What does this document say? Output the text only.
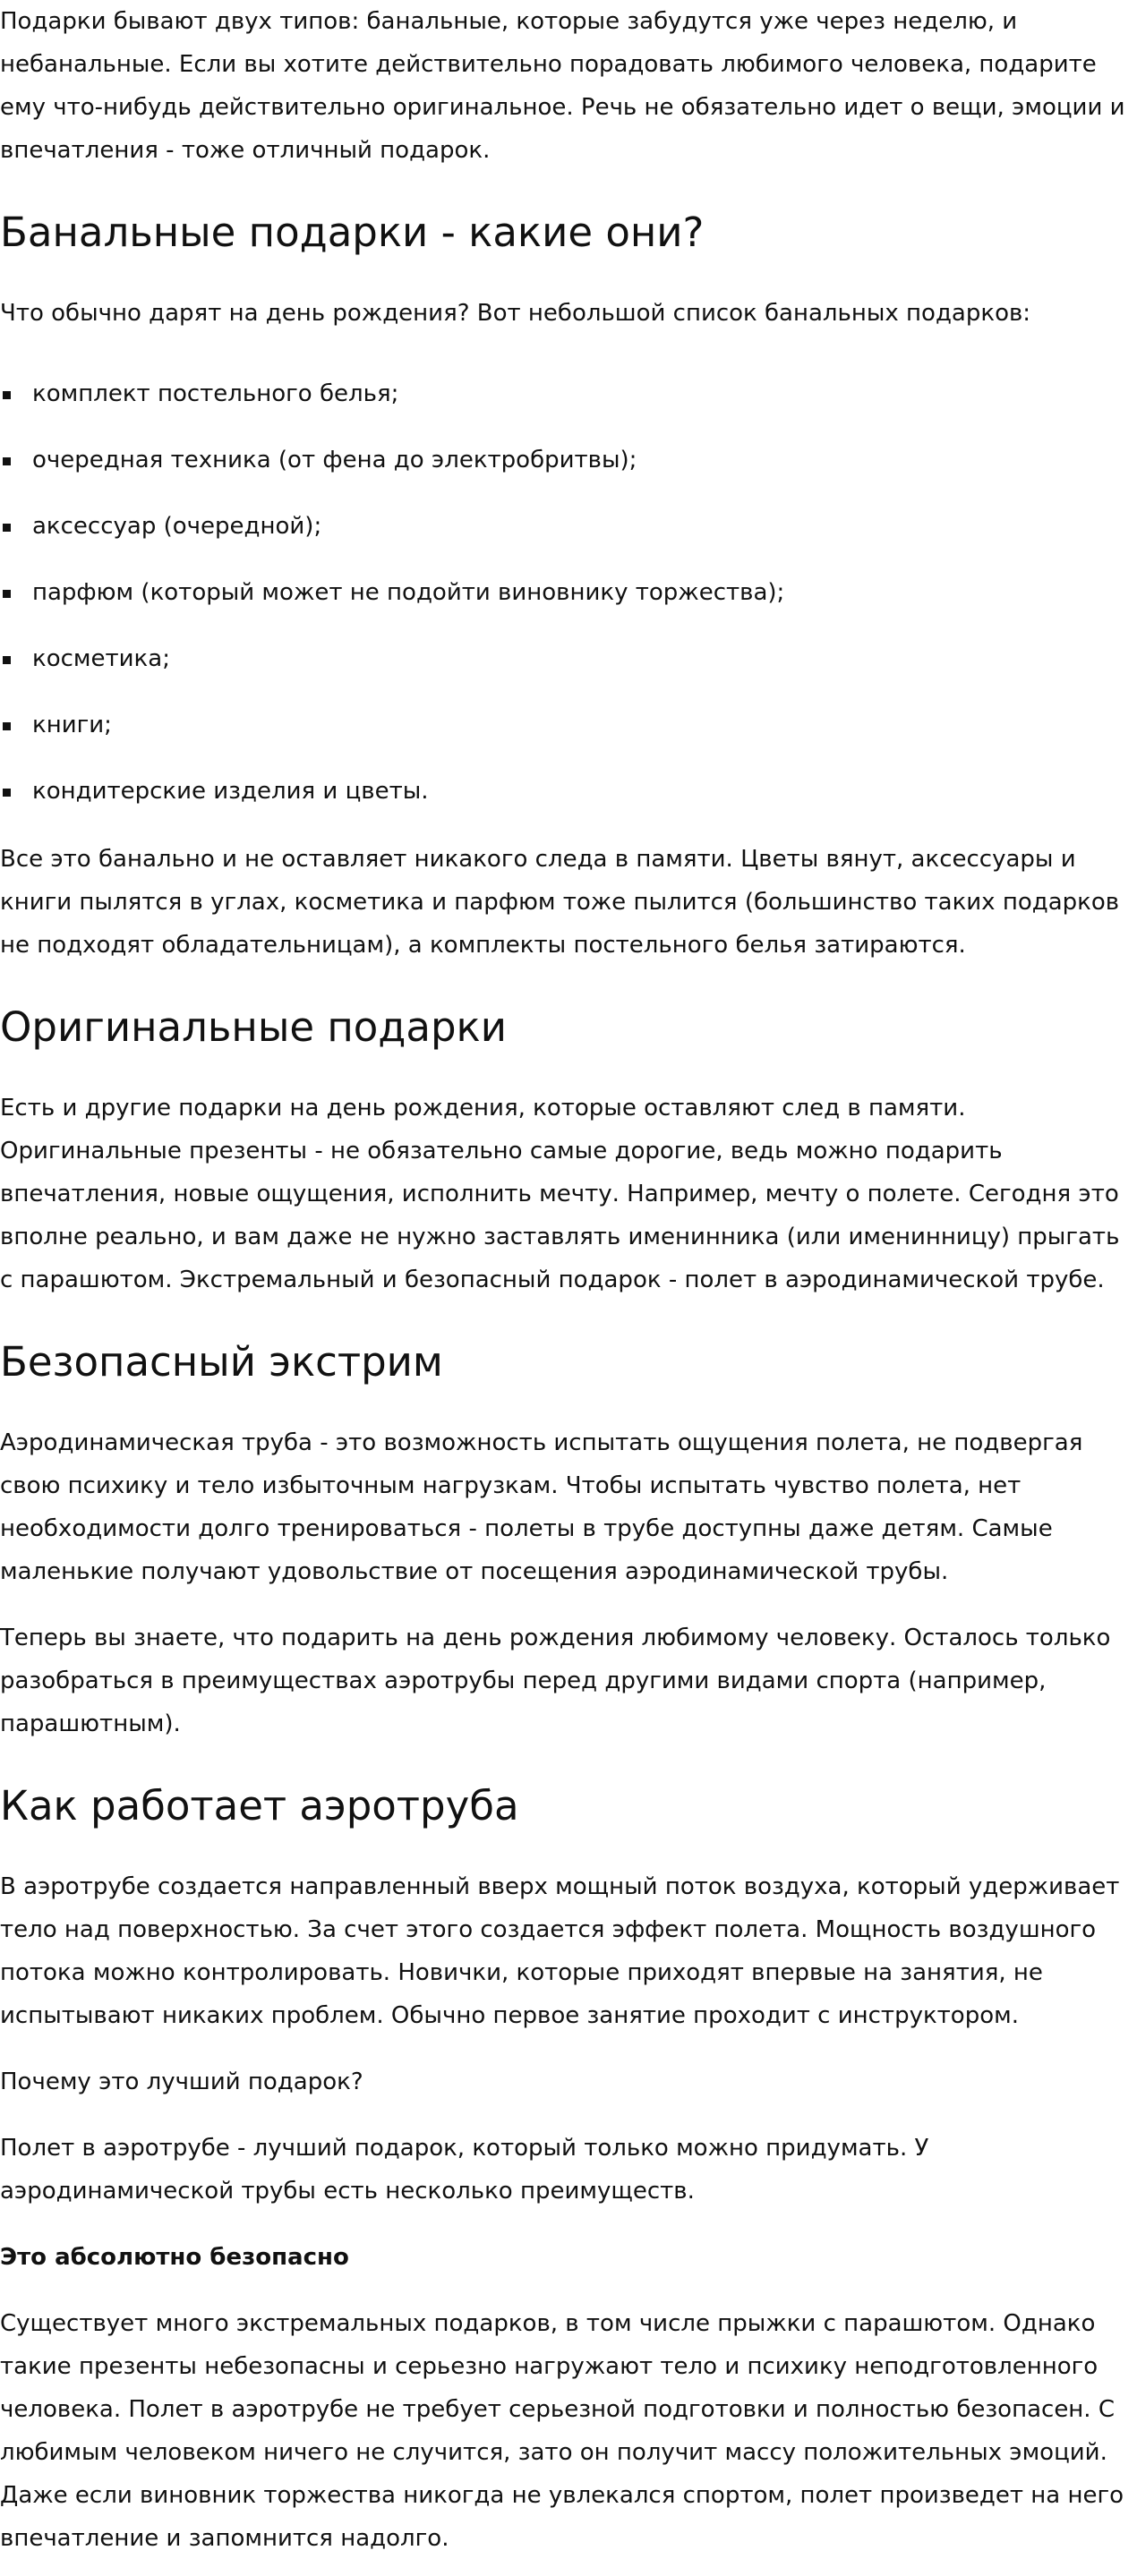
Подарки бывают двух типов: банальные, которые забудутся уже через неделю, и

небанальные. Если вы хотите действительно порадовать любимого человека, подарите

ему что-нибудь действительно оригинальное. Речь не обязательно идет о вещи, эмоции и

впечатления - тоже отличный подарок.

Банальные подарки - какие они?

Что обычно дарят на день рождения? Вот небольшой список банальных подарков:

комплект постельного белья;
очередная техника (от фена до электробритвы);
аксессуар (очередной);
парфюм (который может не подойти виновнику торжества);
косметика;
книги;
кондитерские изделия и цветы.

Все это банально и не оставляет никакого следа в памяти. Цветы вянут, аксессуары и

книги пылятся в углах, косметика и парфюм тоже пылится (большинство таких подарков

не подходят обладательницам), а комплекты постельного белья затираются.

Оригинальные подарки

Есть и другие подарки на день рождения, которые оставляют след в памяти.

Оригинальные презенты - не обязательно самые дорогие, ведь можно подарить

впечатления, новые ощущения, исполнить мечту. Например, мечту о полете. Сегодня это

вполне реально, и вам даже не нужно заставлять именинника (или именинницу) прыгать

с парашютом. Экстремальный и безопасный подарок - полет в аэродинамической трубе.

Безопасный экстрим

Аэродинамическая труба - это возможность испытать ощущения полета, не подвергая

свою психику и тело избыточным нагрузкам. Чтобы испытать чувство полета, нет

необходимости долго тренироваться - полеты в трубе доступны даже детям. Самые

маленькие получают удовольствие от посещения аэродинамической трубы.

Теперь вы знаете, что подарить на день рождения любимому человеку. Осталось только

разобраться в преимуществах аэротрубы перед другими видами спорта (например,

парашютным).

Как работает аэротруба

В аэротрубе создается направленный вверх мощный поток воздуха, который удерживает

тело над поверхностью. За счет этого создается эффект полета. Мощность воздушного

потока можно контролировать. Новички, которые приходят впервые на занятия, не

испытывают никаких проблем. Обычно первое занятие проходит с инструктором.

Почему это лучший подарок?

Полет в аэротрубе - лучший подарок, который только можно придумать. У

аэродинамической трубы есть несколько преимуществ.

Это абсолютно безопасно

Существует много экстремальных подарков, в том числе прыжки с парашютом. Однако

такие презенты небезопасны и серьезно нагружают тело и психику неподготовленного

человека. Полет в аэротрубе не требует серьезной подготовки и полностью безопасен. С

любимым человеком ничего не случится, зато он получит массу положительных эмоций.

Даже если виновник торжества никогда не увлекался спортом, полет произведет на него

впечатление и запомнится надолго.
